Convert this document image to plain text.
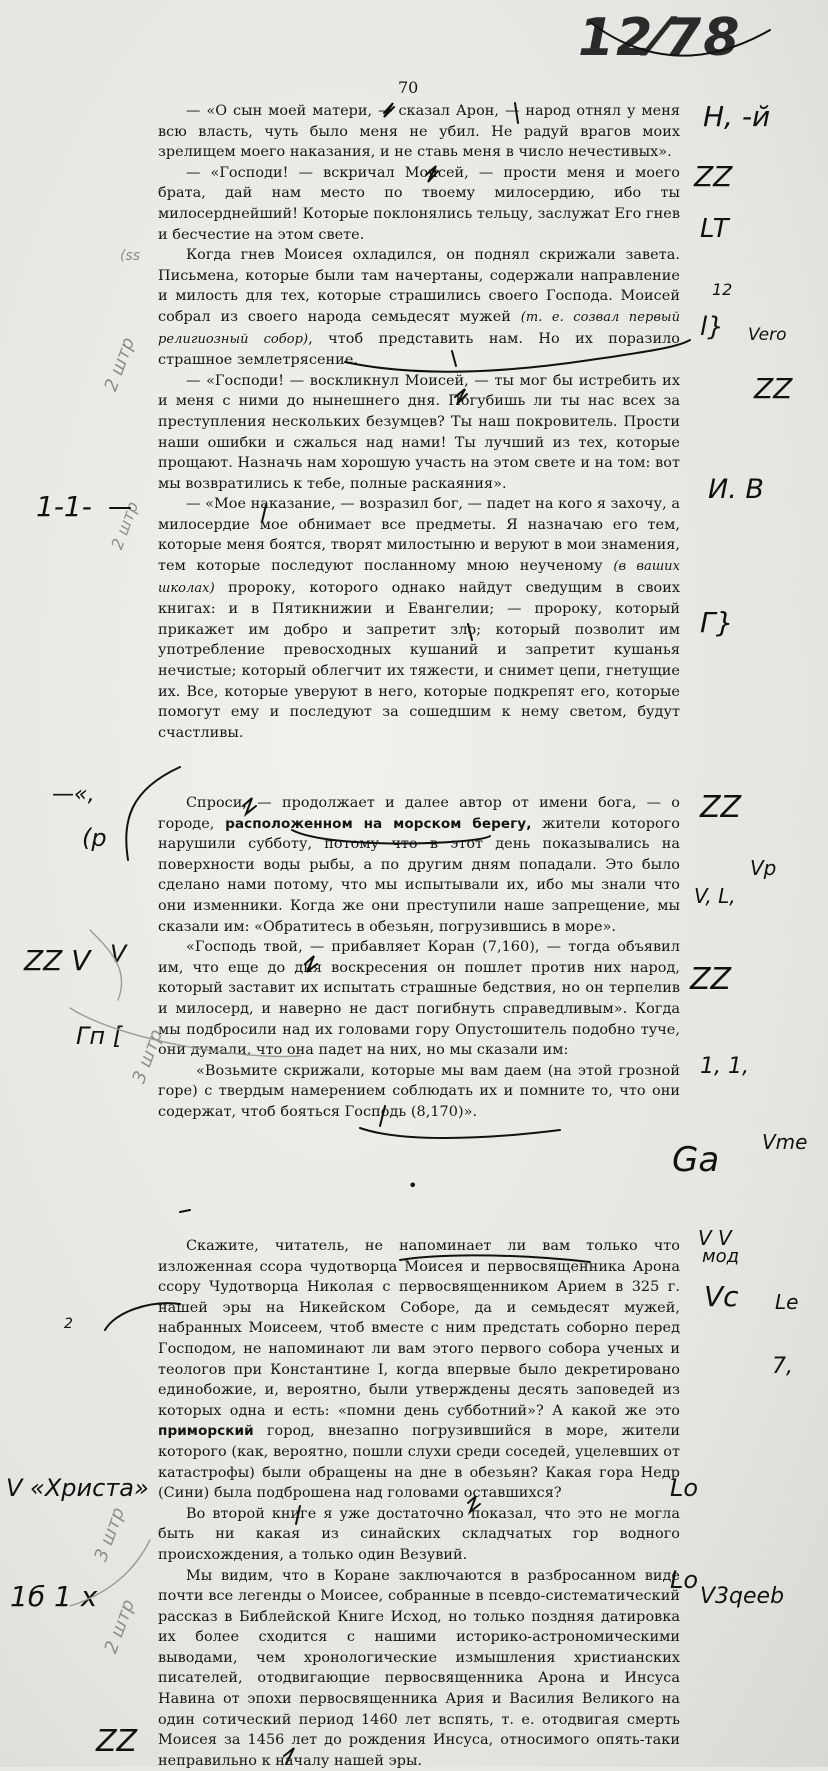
12⁄78
70

— «О сын моей матери, — сказал Арон, — народ отнял у меня всю власть, чуть было меня не убил. Не радуй врагов моих зрелищем моего наказания, и не ставь меня в число нечестивых».

— «Господи! — вскричал Моисей, — прости меня и моего брата, дай нам место по твоему милосердию, ибо ты милосерднейший! Которые поклонялись тельцу, заслужат Его гнев и бесчестие на этом свете.

Когда гнев Моисея охладился, он поднял скрижали завета. Письмена, которые были там начертаны, содержали направление и милость для тех, которые страшились своего Господа. Моисей собрал из своего народа семьдесят мужей (т. е. созвал первый религиозный собор), чтоб представить нам. Но их поразило страшное землетрясение.

— «Господи! — воскликнул Моисей, — ты мог бы истребить их и меня с ними до нынешнего дня. Погубишь ли ты нас всех за преступления нескольких безумцев? Ты наш покровитель. Прости наши ошибки и сжалься над нами! Ты лучший из тех, которые прощают. Назначь нам хорошую участь на этом свете и на том: вот мы возвратились к тебе, полные раскаяния».

— «Мое наказание, — возразил бог, — падет на кого я захочу, а милосердие мое обнимает все предметы. Я назначаю его тем, которые меня боятся, творят милостыню и веруют в мои знамения, тем которые последуют посланному мною неученому (в ваших школах) пророку, которого однако найдут сведущим в своих книгах: и в Пятикнижии и Евангелии; — пророку, который прикажет им добро и запретит зло; который позволит им употребление превосходных кушаний и запретит кушанья нечистые; который облегчит их тяжести, и снимет цепи, гнетущие их. Все, которые уверуют в него, которые подкрепят его, которые помогут ему и последуют за сошедшим к нему светом, будут счастливы.

Спроси, — продолжает и далее автор от имени бога, — о городе, расположенном на морском берегу, жители которого нарушили субботу, потому что в этот день показывались на поверхности воды рыбы, а по другим дням попадали. Это было сделано нами потому, что мы испытывали их, ибо мы знали что они изменники. Когда же они преступили наше запрещение, мы сказали им: «Обратитесь в обезьян, погрузившись в море».

«Господь твой, — прибавляет Коран (7,160), — тогда объявил им, что еще до дня воскресения он пошлет против них народ, который заставит их испытать страшные бедствия, но он терпелив и милосерд, и наверно не даст погибнуть справедливым». Когда мы подбросили над их головами гору Опустошитель подобно туче, они думали, что она падет на них, но мы сказали им:

«Возьмите скрижали, которые мы вам даем (на этой грозной горе) с твердым намерением соблюдать их и помните то, что они содержат, чтоб бояться Господь (8,170)».

•

Скажите, читатель, не напоминает ли вам только что изложенная ссора чудотворца Моисея и первосвященника Арона ссору Чудотворца Николая с первосвященником Арием в 325 г. нашей эры на Никейском Соборе, да и семьдесят мужей, набранных Моисеем, чтоб вместе с ним предстать соборно перед Господом, не напоминают ли вам этого первого собора ученых и теологов при Константине I, когда впервые было декретировано единобожие, и, вероятно, были утверждены десять заповедей из которых одна и есть: «помни день субботний»? А какой же это приморский город, внезапно погрузившийся в море, жители которого (как, вероятно, пошли слухи среди соседей, уцелевших от катастрофы) были обращены на дне в обезьян? Какая гора Недр (Сини) была подброшена над головами оставшихся?

Во второй книге я уже достаточно показал, что это не могла быть ни какая из синайских складчатых гор водного происхождения, а только один Везувий.

Мы видим, что в Коране заключаются в разбросанном виде почти все легенды о Моисее, собранные в псевдо-систематический рассказ в Библейской Книге Исход, но только поздняя датировка их более сходится с нашими историко-астрономическими выводами, чем хронологические измышления христианских писателей, отодвигающие первосвященника Арона и Инсуса Навина от эпохи первосвященника Ария и Василия Великого на один сотический период 1460 лет вспять, т. е. отодвигая смерть Моисея за 1456 лет до рождения Инсуса, относимого опять-таки неправильно к началу нашей эры.

Н, -й
ZZ
LT
12
l} Vero
ZZ
И. В
Г}
ZZ
Vp
V, L,
ZZ
1, 1,
Ga Vme
V V
мод
Vc Le
7,
Lo
Lo
V3qeeb
(ss
2 штр
1-1- 2 штр
—«,
(р
ZZ V V
Гп [ 3 штр
2
V «Христа»
3 штр
1б 1 x
2 штр
ZZ
